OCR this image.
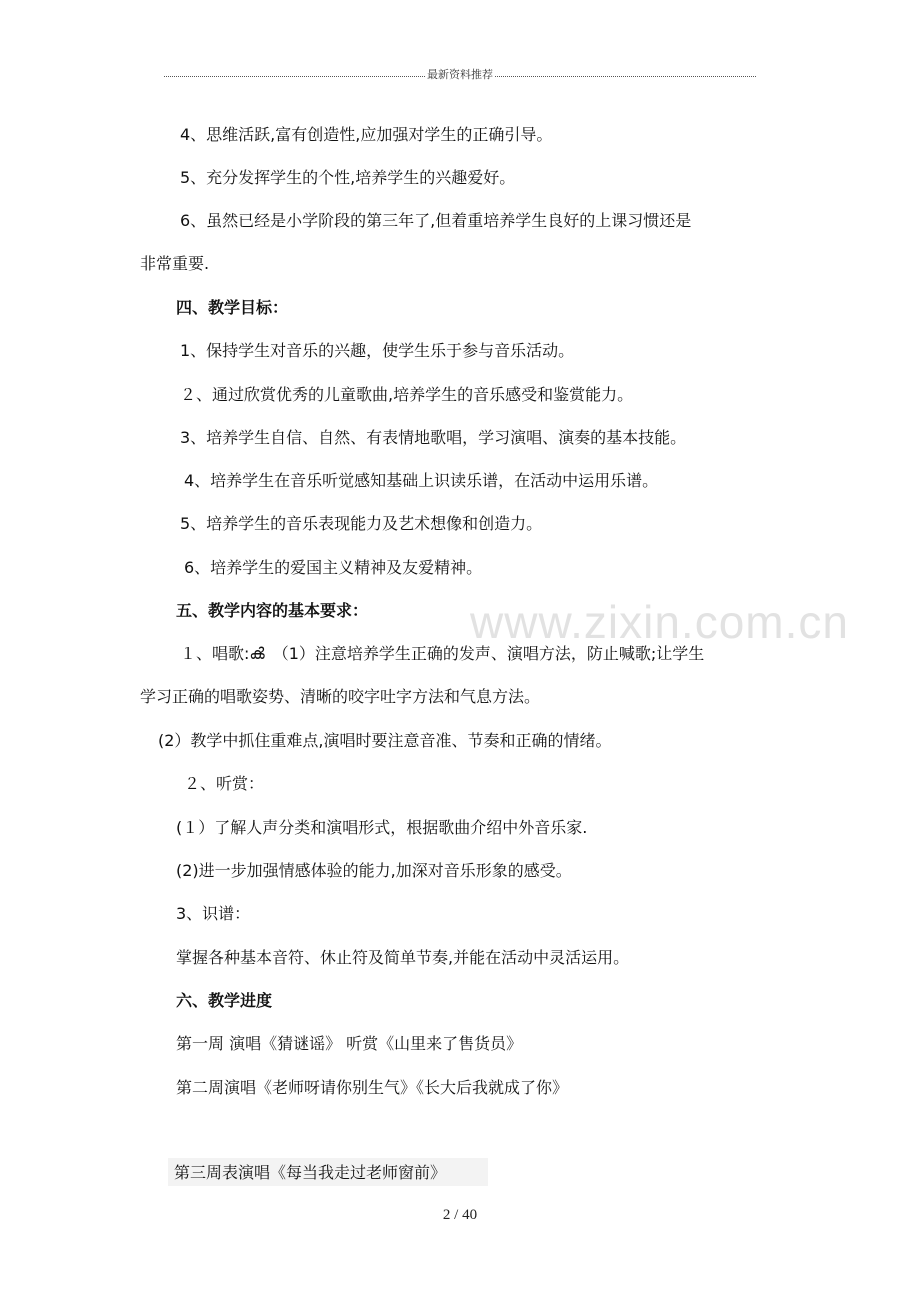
最新资料推荐
www.zixin.com.cn
4、思维活跃,富有创造性,应加强对学生的正确引导。
5、充分发挥学生的个性,培养学生的兴趣爱好。
6、虽然已经是小学阶段的第三年了,但着重培养学生良好的上课习惯还是
非常重要.
四、教学目标：
1、保持学生对音乐的兴趣，使学生乐于参与音乐活动。
２、通过欣赏优秀的儿童歌曲,培养学生的音乐感受和鉴赏能力。
3、培养学生自信、自然、有表情地歌唱，学习演唱、演奏的基本技能。
4、培养学生在音乐听觉感知基础上识读乐谱，在活动中运用乐谱。
5、培养学生的音乐表现能力及艺术想像和创造力。
6、培养学生的爱国主义精神及友爱精神。
五、教学内容的基本要求：
１、唱歌:ൿ　（1）注意培养学生正确的发声、演唱方法，防止喊歌;让学生
学习正确的唱歌姿势、清晰的咬字吐字方法和气息方法。
(2）教学中抓住重难点,演唱时要注意音准、节奏和正确的情绪。
２、听赏：
(１）了解人声分类和演唱形式，根据歌曲介绍中外音乐家.
(2)进一步加强情感体验的能力,加深对音乐形象的感受。
3、识谱：
掌握各种基本音符、休止符及简单节奏,并能在活动中灵活运用。
六、教学进度
第一周 演唱《猜谜谣》 听赏《山里来了售货员》
第二周演唱《老师呀请你别生气》《长大后我就成了你》
第三周表演唱《每当我走过老师窗前》
2 / 40
